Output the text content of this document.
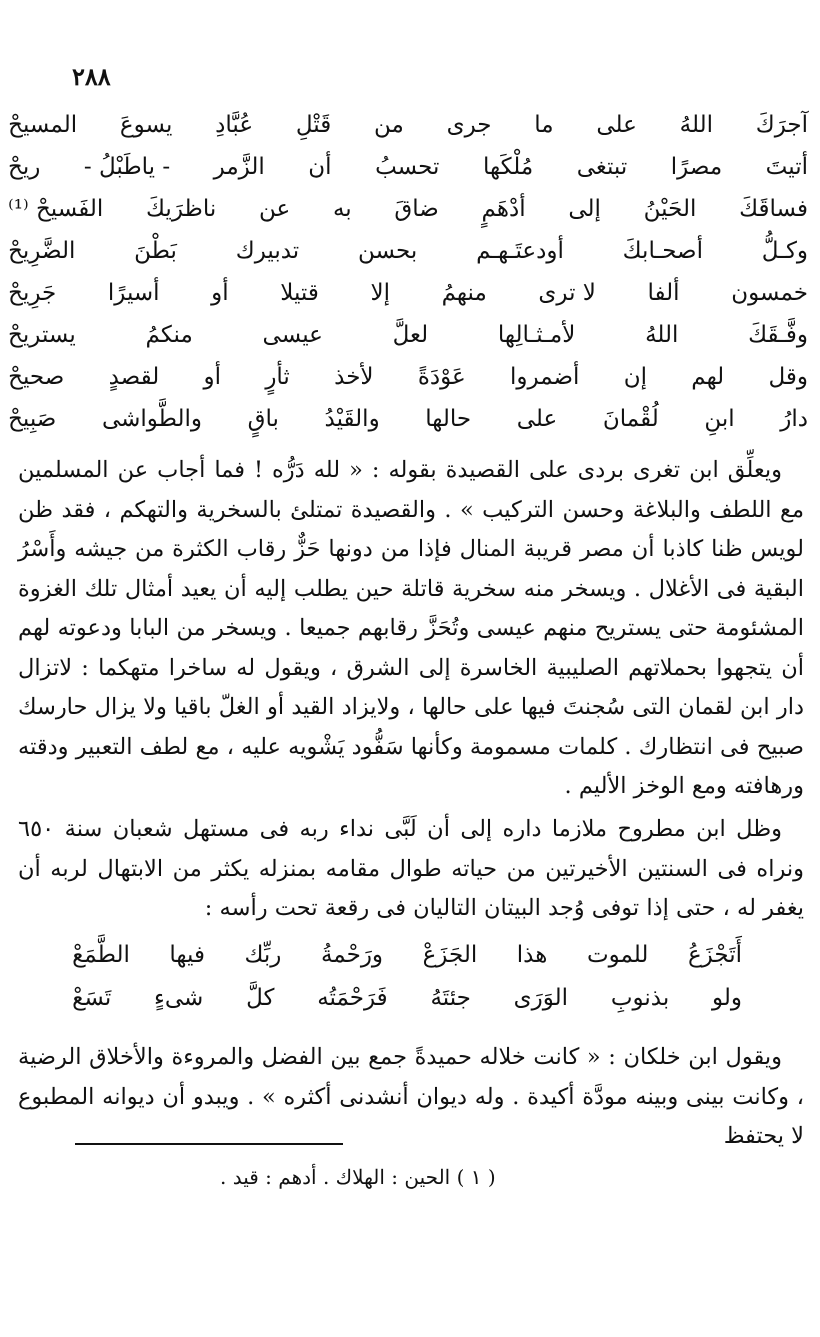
٢٨٨
آجرَكَ
اللهُ
على
ما
جرى
من
قَتْلِ
عُبَّادِ
يسوعَ
المسيحْ
أتيتَ
مصرًا
تبتغى
مُلْكَها
تحسبُ
أن
الزَّمر
- ياطَبْلُ -
ريحْ
فساقَكَ
الحَيْنُ
إلى
أدْهَمٍ
ضاقَ
به
عن
ناظرَيكَ
الفَسيحْ ⁽¹⁾
وكـلُّ
أصحـابكَ
أودعتَـهـم
بحسن
تدبيرك
بَطْنَ
الضَّرِيحْ
خمسون
ألفا
لا ترى
منهمُ
إلا
قتيلا
أو
أسيرًا
جَرِيحْ
وفَّـقَكَ
اللهُ
لأمـثـالِها
لعلَّ
عيسى
منكمُ
يستريحْ
وقل
لهم
إن
أضمروا
عَوْدَةً
لأخذ
ثأرٍ
أو
لقصدٍ
صحيحْ
دارُ
ابنِ
لُقْمانَ
على
حالها
والقَيْدُ
باقٍ
والطَّواشى
صَبِيحْ
ويعلِّق ابن تغرى بردى على القصيدة بقوله : « لله دَرُّه ! فما أجاب عن المسلمين مع اللطف والبلاغة وحسن التركيب » . والقصيدة تمتلئ بالسخرية والتهكم ، فقد ظن لويس ظنا كاذبا أن مصر قريبة المنال فإذا من دونها حَزٌّ رقاب الكثرة من جيشه وأَسْرُ البقية فى الأغلال . ويسخر منه سخرية قاتلة حين يطلب إليه أن يعيد أمثال تلك الغزوة المشئومة حتى يستريح منهم عيسى وتُحَزَّ رقابهم جميعا . ويسخر من البابا ودعوته لهم أن يتجهوا بحملاتهم الصليبية الخاسرة إلى الشرق ، ويقول له ساخرا متهكما : لاتزال دار ابن لقمان التى سُجنتَ فيها على حالها ، ولايزاد القيد أو الغلّ باقيا ولا يزال حارسك صبيح فى انتظارك . كلمات مسمومة وكأنها سَفُّود يَشْويه عليه ، مع لطف التعبير ودقته ورهافته ومع الوخز الأليم .
وظل ابن مطروح ملازما داره إلى أن لَبَّى نداء ربه فى مستهل شعبان سنة ٦٥٠ ونراه فى السنتين الأخيرتين من حياته طوال مقامه بمنزله يكثر من الابتهال لربه أن يغفر له ، حتى إذا توفى وُجد البيتان التاليان فى رقعة تحت رأسه :
أَتَجْزَعُ
للموت
هذا
الجَزَعْ
ورَحْمةُ
ربِّك
فيها
الطَّمَعْ
ولو
بذنوبِ
الوَرَى
جئتَهُ
فَرَحْمَتُه
كلَّ
شىءٍ
تَسَعْ
ويقول ابن خلكان : « كانت خلاله حميدةً جمع بين الفضل والمروءة والأخلاق الرضية ، وكانت بينى وبينه مودَّة أكيدة . وله ديوان أنشدنى أكثره » . ويبدو أن ديوانه المطبوع لا يحتفظ
( ١ ) الحين : الهلاك . أدهم : قيد .
